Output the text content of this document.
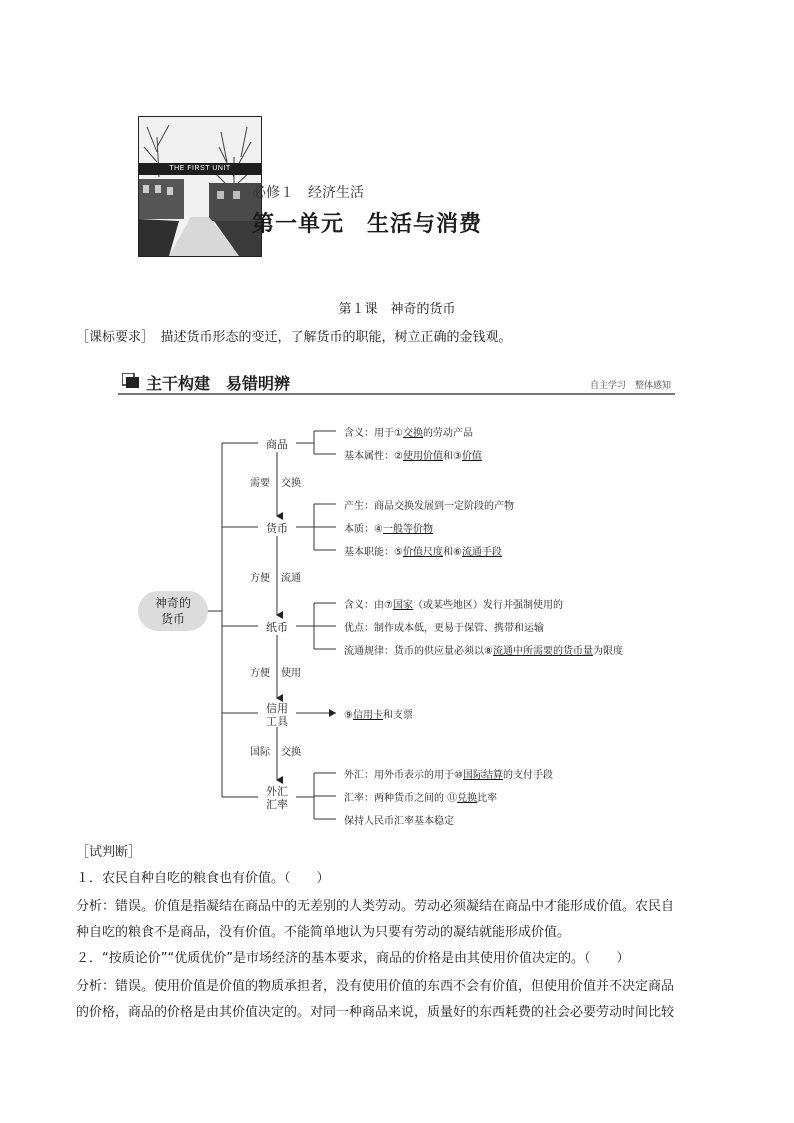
THE FIRST UNIT
必修１　经济生活
第一单元　生活与消费
第１课　神奇的货币
［课标要求］　描述货币形态的变迁，了解货币的职能，树立正确的金钱观。
主干构建　易错明辨	自主学习　整体感知
神奇的
货币
商品
货币
纸币
信用
工具
外汇
汇率
需要 交换
方便 流通
方便 使用
国际 交换
含义：用于①交换的劳动产品
基本属性：②使用价值和③价值
产生：商品交换发展到一定阶段的产物
本质：④一般等价物
基本职能：⑤价值尺度和⑥流通手段
含义：由⑦国家（或某些地区）发行并强制使用的
优点：制作成本低，更易于保管、携带和运输
流通规律：货币的供应量必须以⑧流通中所需要的货币量为限度
⑨信用卡和支票
外汇：用外币表示的用于⑩国际结算的支付手段
汇率：两种货币之间的 ⑪兑换比率
保持人民币汇率基本稳定
［试判断］
１．农民自种自吃的粮食也有价值。（　　）
分析：错误。价值是指凝结在商品中的无差别的人类劳动。劳动必须凝结在商品中才能形成价值。农民自
种自吃的粮食不是商品，没有价值。不能简单地认为只要有劳动的凝结就能形成价值。
２．“按质论价”“优质优价”是市场经济的基本要求，商品的价格是由其使用价值决定的。（　　）
分析：错误。使用价值是价值的物质承担者，没有使用价值的东西不会有价值，但使用价值并不决定商品
的价格，商品的价格是由其价值决定的。对同一种商品来说，质量好的东西耗费的社会必要劳动时间比较
